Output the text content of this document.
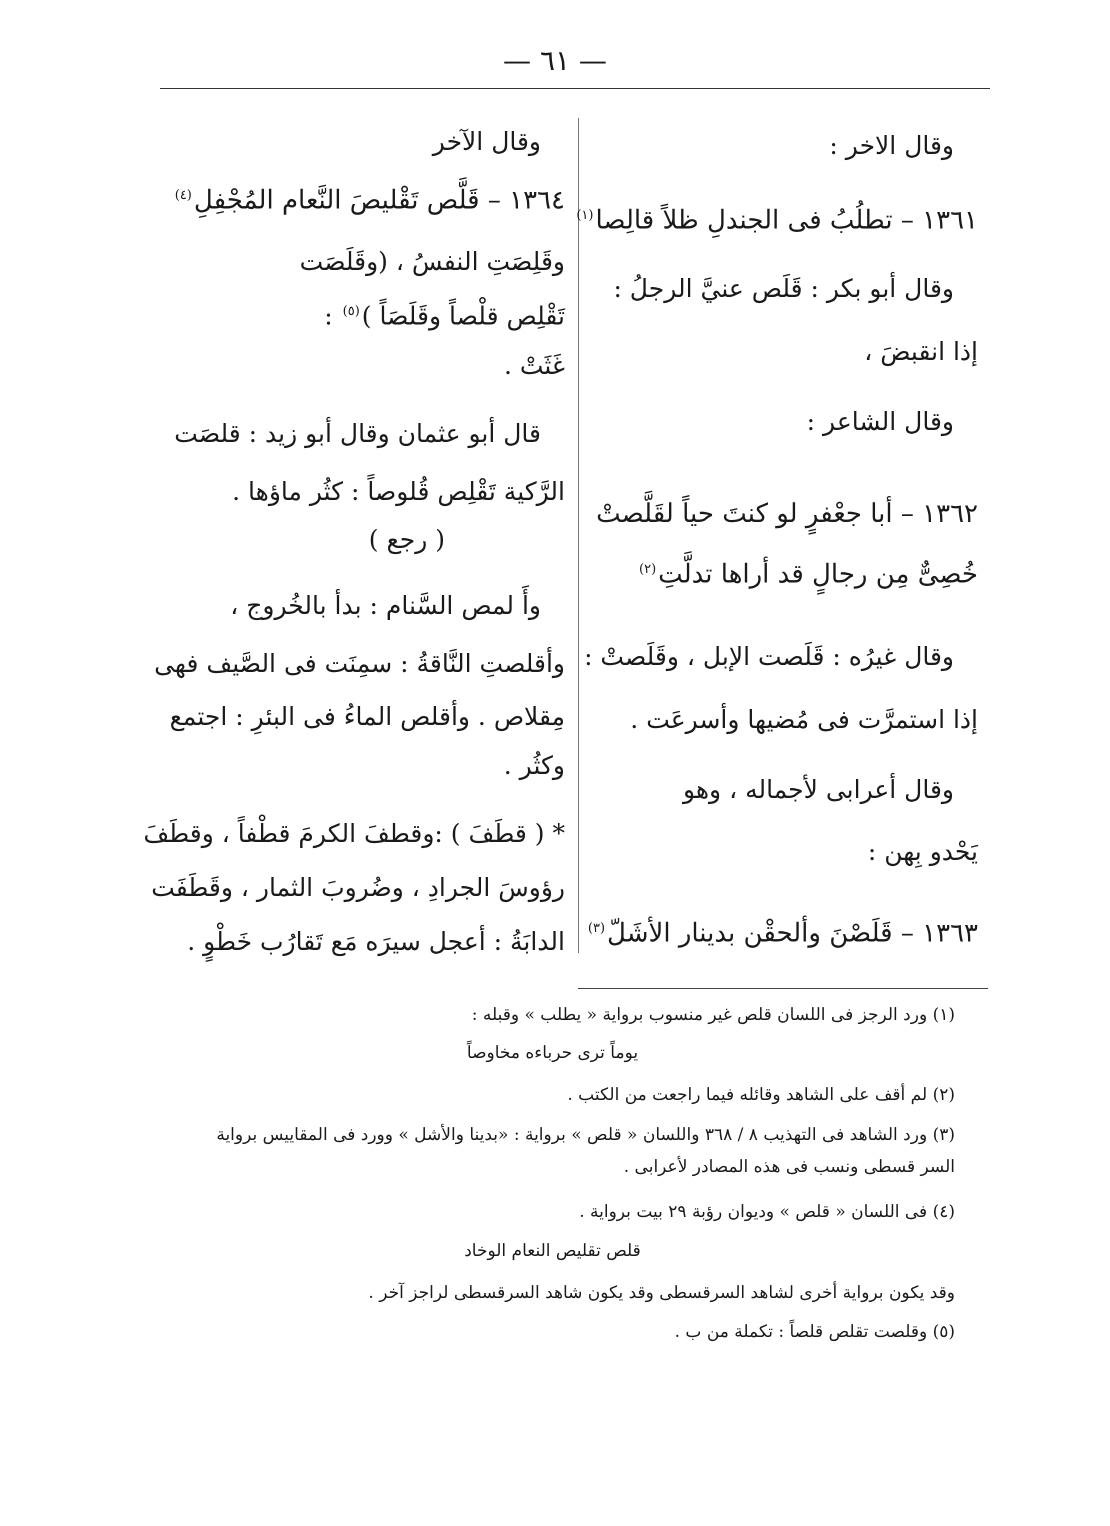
— ٦١ —
وقال الاخر :
١٣٦١ – تطلُبُ فى الجندلِ ظلاً قالِصا$^{(١)}$
وقال أبو بكر : قَلَص عنيَّ الرجلُ :
إذا انقبضَ ،
وقال الشاعر :
١٣٦٢ – أبا جعْفرٍ لو كنتَ حياً لقَلَّصتْ
خُصِىٌّ مِن رجالٍ قد أراها تدلَّتِ$^{(٢)}$
وقال غيرُه : قَلَصت الإبل ، وقَلَصتْ :
إذا استمرَّت فى مُضيها وأسرعَت .
وقال أعرابى لأجماله ، وهو
يَحْدو بِهن :
١٣٦٣ – قَلَصْنَ وألحقْن بدينار الأشَلّ$^{(٣)}$
وقال الآخر
١٣٦٤ – قَلَّص تَقْليصَ النَّعام المُجْفِلِ$^{(٤)}$
وقَلِصَتِ النفسُ ، (وقَلَصَت
تَقْلِص قلْصاً وقَلَصَاً )$^{(٥)}$ :
غَثَتْ .
قال أبو عثمان وقال أبو زيد : قلصَت
الرَّكية تَقْلِص قُلوصاً : كثُر ماؤها .
( رجع )
وأَ لمص السَّنام : بدأ بالخُروج ،
وأقلصتِ النَّاقةُ : سمِنَت فى الصَّيف فهى
مِقلاص . وأقلص الماءُ فى البئرِ : اجتمع
وكثُر .
* ( قطَفَ ) :وقطفَ الكرمَ قطْفاً ، وقطَفَ
رؤوسَ الجرادِ ، وضُروبَ الثمار ، وقَطَفَت
الدابَةُ : أعجل سيرَه مَع تَقارُب خَطْوٍ .
(١) ورد الرجز فى اللسان قلص غير منسوب برواية « يطلب » وقبله :
يوماً ترى حرباءه مخاوصاً
(٢) لم أقف على الشاهد وقائله فيما راجعت من الكتب .
(٣) ورد الشاهد فى التهذيب ٨ / ٣٦٨ واللسان « قلص » برواية : «بدينا والأشل » وورد فى المقاييس برواية
السر قسطى ونسب فى هذه المصادر لأعرابى .
(٤) فى اللسان « قلص » وديوان رؤبة ٢٩ بيت برواية .
قلص تقليص النعام الوخاد
وقد يكون برواية أخرى لشاهد السرقسطى وقد يكون شاهد السرقسطى لراجز آخر .
(٥) وقلصت تقلص قلصاً : تكملة من ب .
